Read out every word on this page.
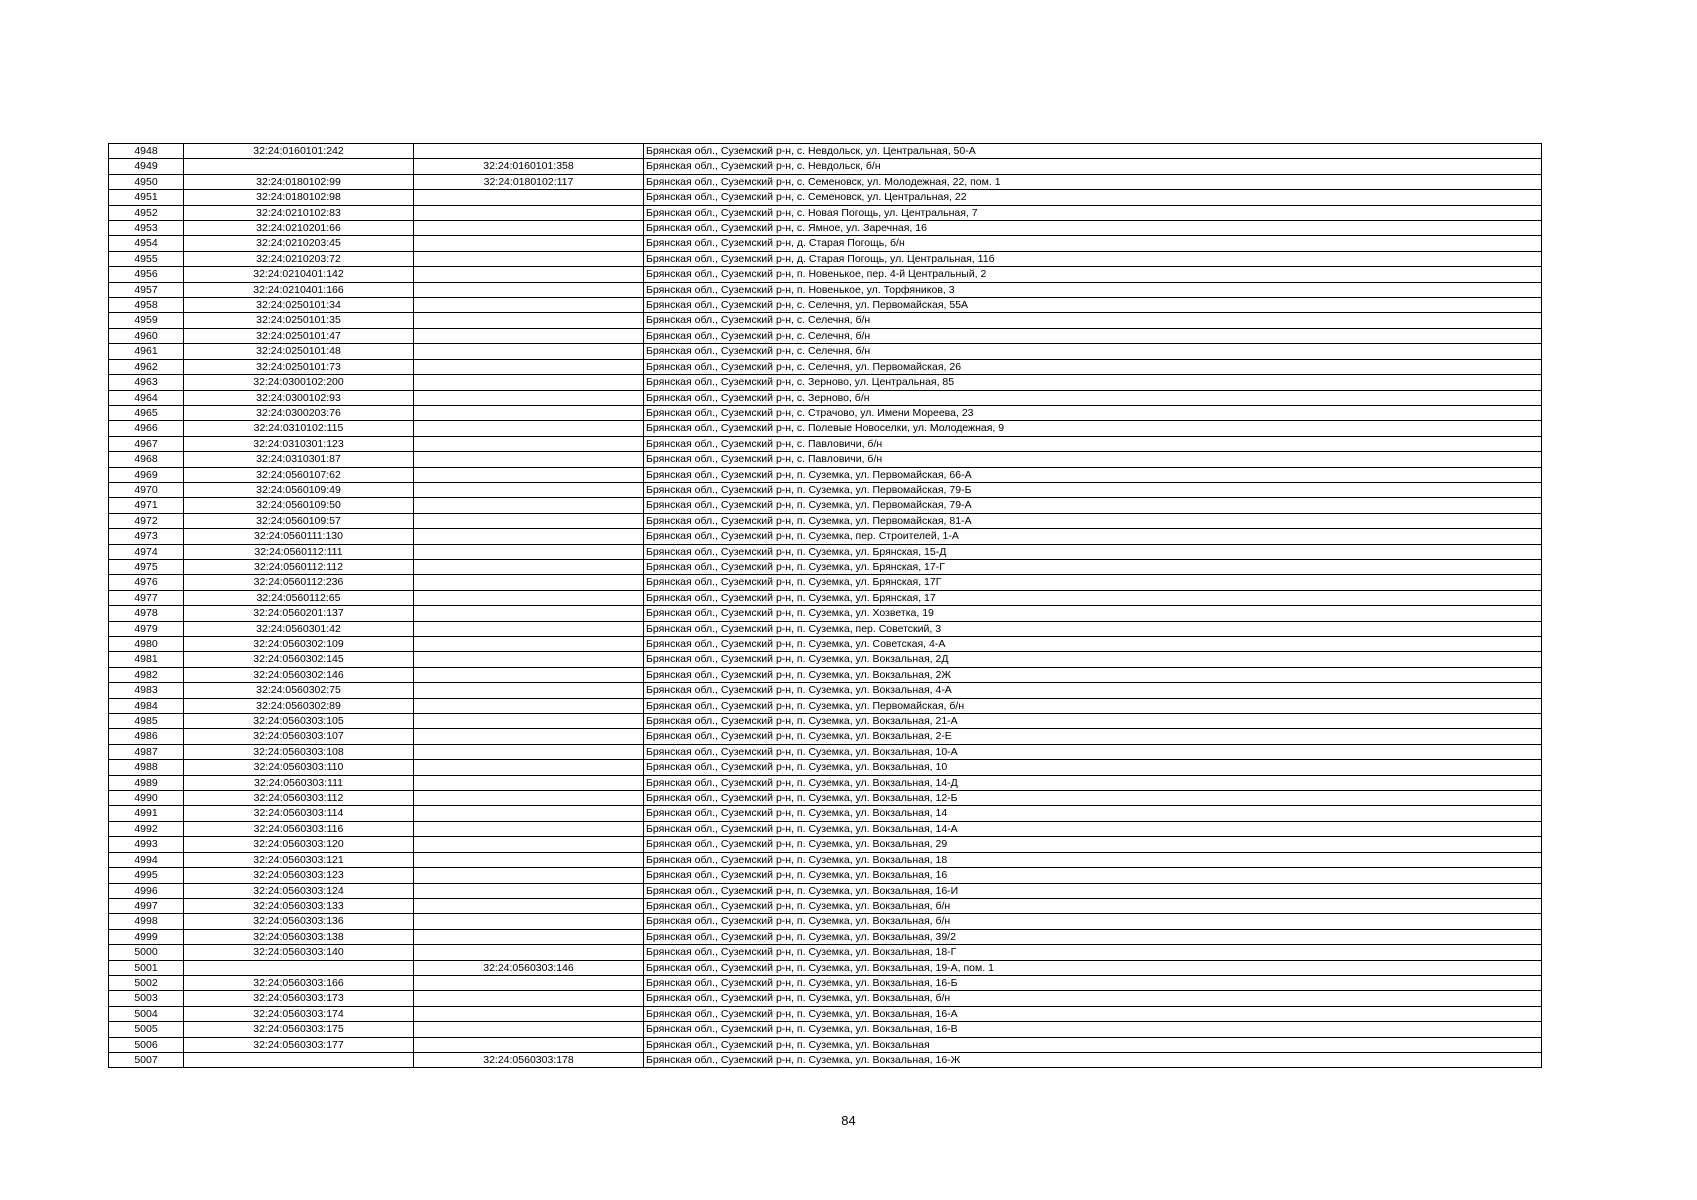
4948	32:24:0160101:242		Брянская обл., Суземский р-н, с. Невдольск, ул. Центральная, 50-А
4949		32:24:0160101:358	Брянская обл., Суземский р-н, с. Невдольск, б/н
4950	32:24:0180102:99	32:24:0180102:117	Брянская обл., Суземский р-н, с. Семеновск, ул. Молодежная, 22, пом. 1
4951	32:24:0180102:98		Брянская обл., Суземский р-н, с. Семеновск, ул. Центральная, 22
4952	32:24:0210102:83		Брянская обл., Суземский р-н, с. Новая Погощь, ул. Центральная, 7
4953	32:24:0210201:66		Брянская обл., Суземский р-н, с. Ямное, ул. Заречная, 16
4954	32:24:0210203:45		Брянская обл., Суземский р-н, д. Старая Погощь, б/н
4955	32:24:0210203:72		Брянская обл., Суземский р-н, д. Старая Погощь, ул. Центральная, 11б
4956	32:24:0210401:142		Брянская обл., Суземский р-н, п. Новенькое, пер. 4-й Центральный, 2
4957	32:24:0210401:166		Брянская обл., Суземский р-н, п. Новенькое, ул. Торфяников, 3
4958	32:24:0250101:34		Брянская обл., Суземский р-н, с. Селечня, ул. Первомайская, 55А
4959	32:24:0250101:35		Брянская обл., Суземский р-н, с. Селечня, б/н
4960	32:24:0250101:47		Брянская обл., Суземский р-н, с. Селечня, б/н
4961	32:24:0250101:48		Брянская обл., Суземский р-н, с. Селечня, б/н
4962	32:24:0250101:73		Брянская обл., Суземский р-н, с. Селечня, ул. Первомайская, 26
4963	32:24:0300102:200		Брянская обл., Суземский р-н, с. Зерново, ул. Центральная, 85
4964	32:24:0300102:93		Брянская обл., Суземский р-н, с. Зерново, б/н
4965	32:24:0300203:76		Брянская обл., Суземский р-н, с. Страчово, ул. Имени Мореева, 23
4966	32:24:0310102:115		Брянская обл., Суземский р-н, с. Полевые Новоселки, ул. Молодежная, 9
4967	32:24:0310301:123		Брянская обл., Суземский р-н, с. Павловичи, б/н
4968	32:24:0310301:87		Брянская обл., Суземский р-н, с. Павловичи, б/н
4969	32:24:0560107:62		Брянская обл., Суземский р-н, п. Суземка, ул. Первомайская, 66-А
4970	32:24:0560109:49		Брянская обл., Суземский р-н, п. Суземка, ул. Первомайская, 79-Б
4971	32:24:0560109:50		Брянская обл., Суземский р-н, п. Суземка, ул. Первомайская, 79-А
4972	32:24:0560109:57		Брянская обл., Суземский р-н, п. Суземка, ул. Первомайская, 81-А
4973	32:24:0560111:130		Брянская обл., Суземский р-н, п. Суземка, пер. Строителей, 1-А
4974	32:24:0560112:111		Брянская обл., Суземский р-н, п. Суземка, ул. Брянская, 15-Д
4975	32:24:0560112:112		Брянская обл., Суземский р-н, п. Суземка, ул. Брянская, 17-Г
4976	32:24:0560112:236		Брянская обл., Суземский р-н, п. Суземка, ул. Брянская, 17Г
4977	32:24:0560112:65		Брянская обл., Суземский р-н, п. Суземка, ул. Брянская, 17
4978	32:24:0560201:137		Брянская обл., Суземский р-н, п. Суземка, ул. Хозветка, 19
4979	32:24:0560301:42		Брянская обл., Суземский р-н, п. Суземка, пер. Советский, 3
4980	32:24:0560302:109		Брянская обл., Суземский р-н, п. Суземка, ул. Советская, 4-А
4981	32:24:0560302:145		Брянская обл., Суземский р-н, п. Суземка, ул. Вокзальная, 2Д
4982	32:24:0560302:146		Брянская обл., Суземский р-н, п. Суземка, ул. Вокзальная, 2Ж
4983	32:24:0560302:75		Брянская обл., Суземский р-н, п. Суземка, ул. Вокзальная, 4-А
4984	32:24:0560302:89		Брянская обл., Суземский р-н, п. Суземка, ул. Первомайская, б/н
4985	32:24:0560303:105		Брянская обл., Суземский р-н, п. Суземка, ул. Вокзальная, 21-А
4986	32:24:0560303:107		Брянская обл., Суземский р-н, п. Суземка, ул. Вокзальная, 2-Е
4987	32:24:0560303:108		Брянская обл., Суземский р-н, п. Суземка, ул. Вокзальная, 10-А
4988	32:24:0560303:110		Брянская обл., Суземский р-н, п. Суземка, ул. Вокзальная, 10
4989	32:24:0560303:111		Брянская обл., Суземский р-н, п. Суземка, ул. Вокзальная, 14-Д
4990	32:24:0560303:112		Брянская обл., Суземский р-н, п. Суземка, ул. Вокзальная, 12-Б
4991	32:24:0560303:114		Брянская обл., Суземский р-н, п. Суземка, ул. Вокзальная, 14
4992	32:24:0560303:116		Брянская обл., Суземский р-н, п. Суземка, ул. Вокзальная, 14-А
4993	32:24:0560303:120		Брянская обл., Суземский р-н, п. Суземка, ул. Вокзальная, 29
4994	32:24:0560303:121		Брянская обл., Суземский р-н, п. Суземка, ул. Вокзальная, 18
4995	32:24:0560303:123		Брянская обл., Суземский р-н, п. Суземка, ул. Вокзальная, 16
4996	32:24:0560303:124		Брянская обл., Суземский р-н, п. Суземка, ул. Вокзальная, 16-И
4997	32:24:0560303:133		Брянская обл., Суземский р-н, п. Суземка, ул. Вокзальная, б/н
4998	32:24:0560303:136		Брянская обл., Суземский р-н, п. Суземка, ул. Вокзальная, б/н
4999	32:24:0560303:138		Брянская обл., Суземский р-н, п. Суземка, ул. Вокзальная, 39/2
5000	32:24:0560303:140		Брянская обл., Суземский р-н, п. Суземка, ул. Вокзальная, 18-Г
5001		32:24:0560303:146	Брянская обл., Суземский р-н, п. Суземка, ул. Вокзальная, 19-А, пом. 1
5002	32:24:0560303:166		Брянская обл., Суземский р-н, п. Суземка, ул. Вокзальная, 16-Б
5003	32:24:0560303:173		Брянская обл., Суземский р-н, п. Суземка, ул. Вокзальная, б/н
5004	32:24:0560303:174		Брянская обл., Суземский р-н, п. Суземка, ул. Вокзальная, 16-А
5005	32:24:0560303:175		Брянская обл., Суземский р-н, п. Суземка, ул. Вокзальная, 16-В
5006	32:24:0560303:177		Брянская обл., Суземский р-н, п. Суземка, ул. Вокзальная
5007		32:24:0560303:178	Брянская обл., Суземский р-н, п. Суземка, ул. Вокзальная, 16-Ж
84
